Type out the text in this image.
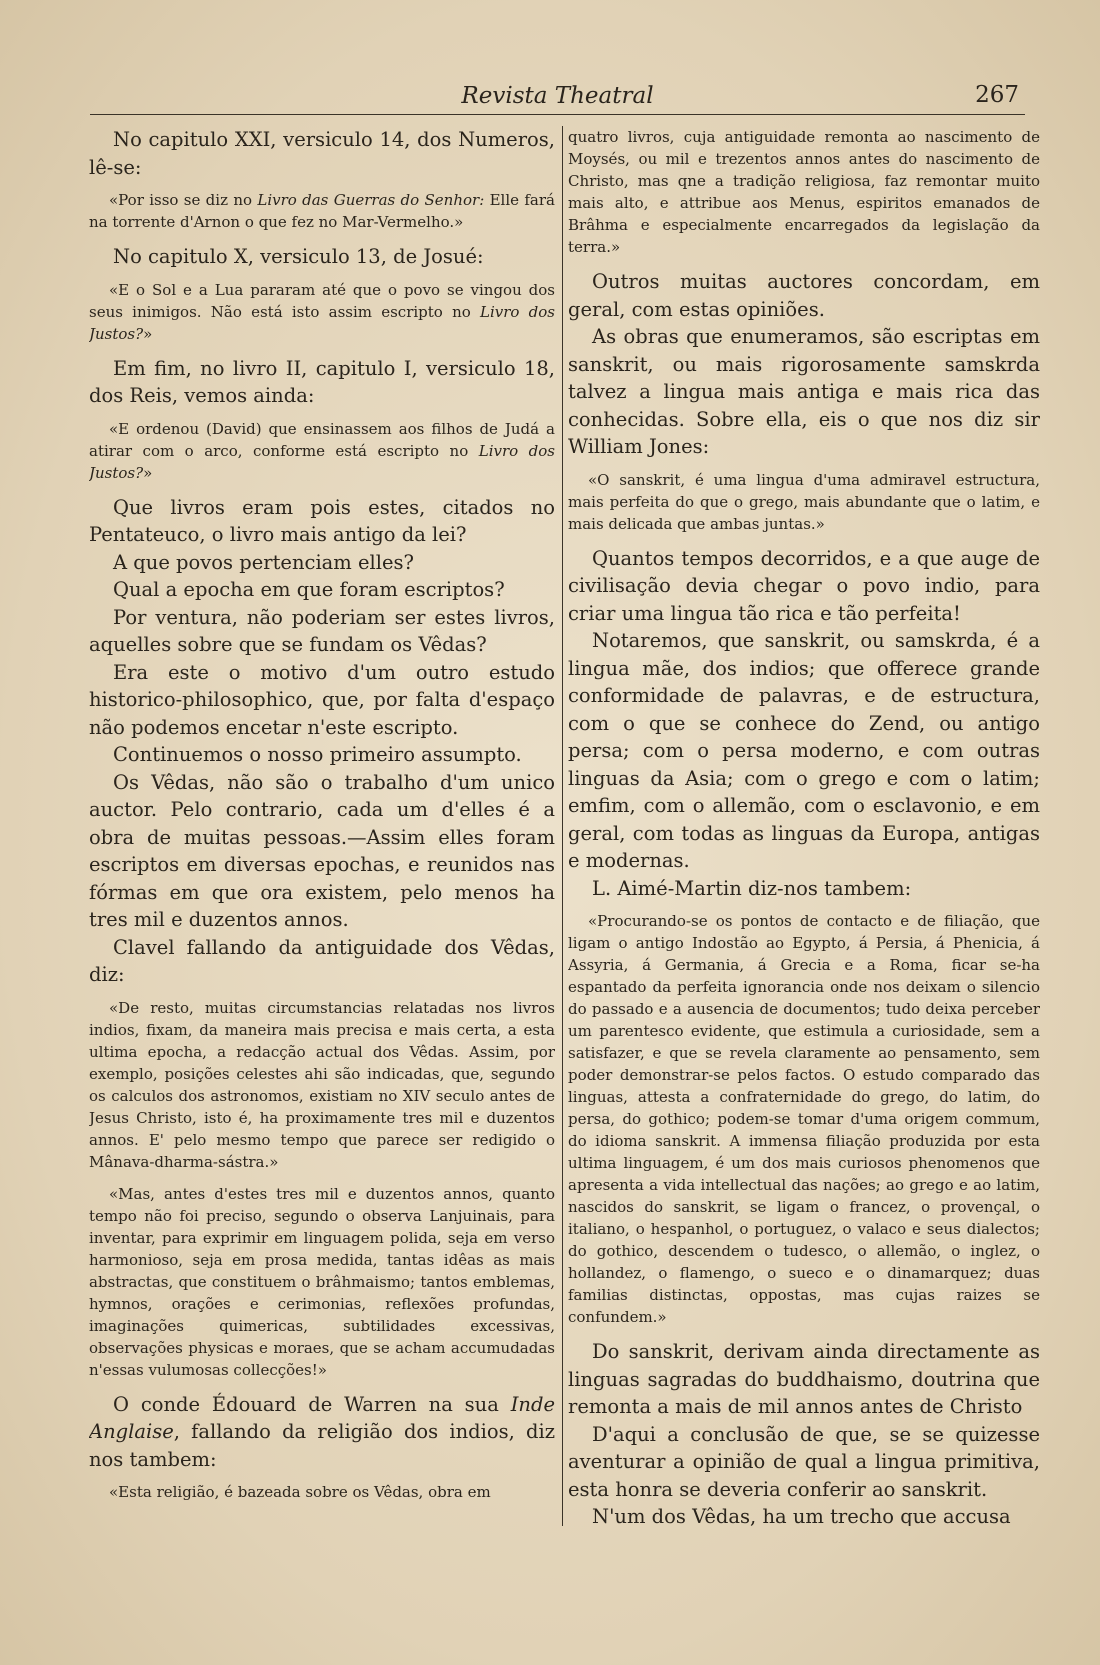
Revista Theatral	267

No capitulo XXI, versiculo 14, dos Numeros, lê-se:

«Por isso se diz no Livro das Guerras do Senhor: Elle fará na torrente d'Arnon o que fez no Mar-Vermelho.»

No capitulo X, versiculo 13, de Josué:

«E o Sol e a Lua pararam até que o povo se vingou dos seus inimigos. Não está isto assim escripto no Livro dos Justos?»

Em fim, no livro II, capitulo I, versiculo 18, dos Reis, vemos ainda:

«E ordenou (David) que ensinassem aos filhos de Judá a atirar com o arco, conforme está escripto no Livro dos Justos?»

Que livros eram pois estes, citados no Pentateuco, o livro mais antigo da lei?

A que povos pertenciam elles?

Qual a epocha em que foram escriptos?

Por ventura, não poderiam ser estes livros, aquelles sobre que se fundam os Vêdas?

Era este o motivo d'um outro estudo historico-philosophico, que, por falta d'espaço não podemos encetar n'este escripto.

Continuemos o nosso primeiro assumpto.

Os Vêdas, não são o trabalho d'um unico auctor. Pelo contrario, cada um d'elles é a obra de muitas pessoas.—Assim elles foram escriptos em diversas epochas, e reunidos nas fórmas em que ora existem, pelo menos ha tres mil e duzentos annos.

Clavel fallando da antiguidade dos Vêdas, diz:

«De resto, muitas circumstancias relatadas nos livros indios, fixam, da maneira mais precisa e mais certa, a esta ultima epocha, a redacção actual dos Vêdas. Assim, por exemplo, posições celestes ahi são indicadas, que, segundo os calculos dos astronomos, existiam no XIV seculo antes de Jesus Christo, isto é, ha proximamente tres mil e duzentos annos. E' pelo mesmo tempo que parece ser redigido o Mânava-dharma-sástra.»

«Mas, antes d'estes tres mil e duzentos annos, quanto tempo não foi preciso, segundo o observa Lanjuinais, para inventar, para exprimir em linguagem polida, seja em verso harmonioso, seja em prosa medida, tantas idêas as mais abstractas, que constituem o brâhmaismo; tantos emblemas, hymnos, orações e cerimonias, reflexões profundas, imaginações quimericas, subtilidades excessivas, observações physicas e moraes, que se acham accumudadas n'essas vulumosas collecções!»

O conde Édouard de Warren na sua Inde Anglaise, fallando da religião dos indios, diz nos tambem:

«Esta religião, é bazeada sobre os Vêdas, obra em

quatro livros, cuja antiguidade remonta ao nascimento de Moysés, ou mil e trezentos annos antes do nascimento de Christo, mas qne a tradição religiosa, faz remontar muito mais alto, e attribue aos Menus, espiritos emanados de Brâhma e especialmente encarregados da legislação da terra.»

Outros muitas auctores concordam, em geral, com estas opiniões.

As obras que enumeramos, são escriptas em sanskrit, ou mais rigorosamente samskrda talvez a lingua mais antiga e mais rica das conhecidas. Sobre ella, eis o que nos diz sir William Jones:

«O sanskrit, é uma lingua d'uma admiravel estructura, mais perfeita do que o grego, mais abundante que o latim, e mais delicada que ambas juntas.»

Quantos tempos decorridos, e a que auge de civilisação devia chegar o povo indio, para criar uma lingua tão rica e tão perfeita!

Notaremos, que sanskrit, ou samskrda, é a lingua mãe, dos indios; que offerece grande conformidade de palavras, e de estructura, com o que se conhece do Zend, ou antigo persa; com o persa moderno, e com outras linguas da Asia; com o grego e com o latim; emfim, com o allemão, com o esclavonio, e em geral, com todas as linguas da Europa, antigas e modernas.

L. Aimé-Martin diz-nos tambem:

«Procurando-se os pontos de contacto e de filiação, que ligam o antigo Indostão ao Egypto, á Persia, á Phenicia, á Assyria, á Germania, á Grecia e a Roma, ficar se-ha espantado da perfeita ignorancia onde nos deixam o silencio do passado e a ausencia de documentos; tudo deixa perceber um parentesco evidente, que estimula a curiosidade, sem a satisfazer, e que se revela claramente ao pensamento, sem poder demonstrar-se pelos factos. O estudo comparado das linguas, attesta a confraternidade do grego, do latim, do persa, do gothico; podem-se tomar d'uma origem commum, do idioma sanskrit. A immensa filiação produzida por esta ultima linguagem, é um dos mais curiosos phenomenos que apresenta a vida intellectual das nações; ao grego e ao latim, nascidos do sanskrit, se ligam o francez, o provençal, o italiano, o hespanhol, o portuguez, o valaco e seus dialectos; do gothico, descendem o tudesco, o allemão, o inglez, o hollandez, o flamengo, o sueco e o dinamarquez; duas familias distinctas, oppostas, mas cujas raizes se confundem.»

Do sanskrit, derivam ainda directamente as linguas sagradas do buddhaismo, doutrina que remonta a mais de mil annos antes de Christo

D'aqui a conclusão de que, se se quizesse aventurar a opinião de qual a lingua primitiva, esta honra se deveria conferir ao sanskrit.

N'um dos Vêdas, ha um trecho que accusa
